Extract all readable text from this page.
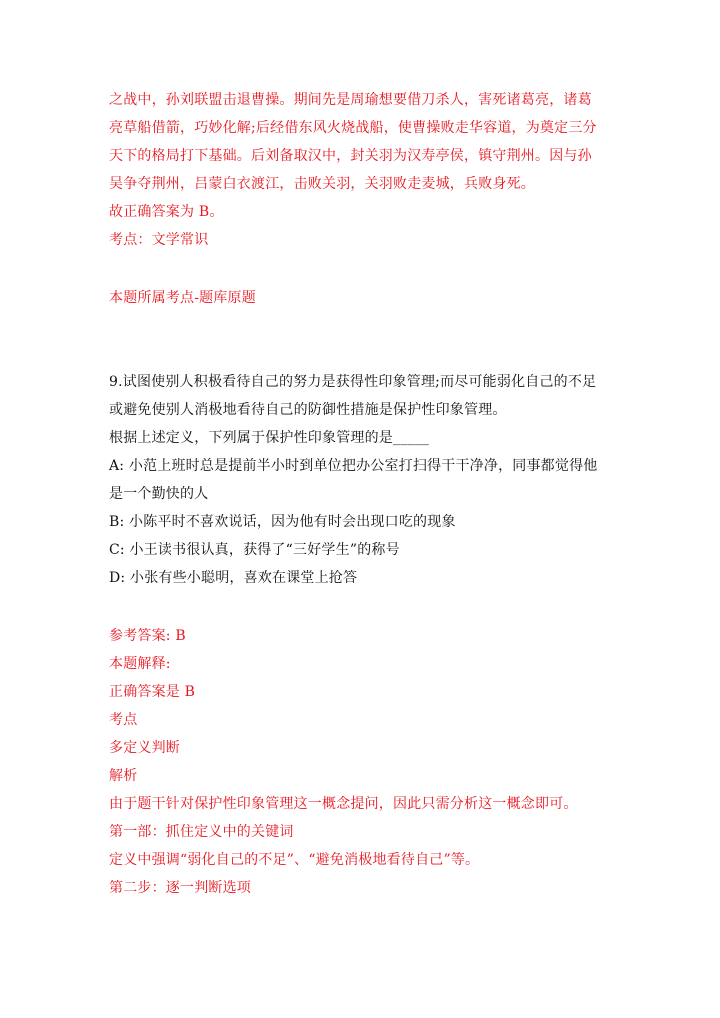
之战中，孙刘联盟击退曹操。期间先是周瑜想要借刀杀人，害死诸葛亮，诸葛
亮草船借箭，巧妙化解;后经借东风火烧战船，使曹操败走华容道，为奠定三分
天下的格局打下基础。后刘备取汉中，封关羽为汉寿亭侯，镇守荆州。因与孙
吴争夺荆州，吕蒙白衣渡江，击败关羽，关羽败走麦城，兵败身死。
故正确答案为 B。
考点：文学常识
本题所属考点-题库原题
9.试图使别人积极看待自己的努力是获得性印象管理;而尽可能弱化自己的不足
或避免使别人消极地看待自己的防御性措施是保护性印象管理。
根据上述定义，下列属于保护性印象管理的是_____
A: 小范上班时总是提前半小时到单位把办公室打扫得干干净净，同事都觉得他
是一个勤快的人
B: 小陈平时不喜欢说话，因为他有时会出现口吃的现象
C: 小王读书很认真，获得了“三好学生”的称号
D: 小张有些小聪明，喜欢在课堂上抢答
参考答案: B
本题解释:
正确答案是 B
考点
多定义判断
解析
由于题干针对保护性印象管理这一概念提问，因此只需分析这一概念即可。
第一部：抓住定义中的关键词
定义中强调“弱化自己的不足”、“避免消极地看待自己”等。
第二步：逐一判断选项
